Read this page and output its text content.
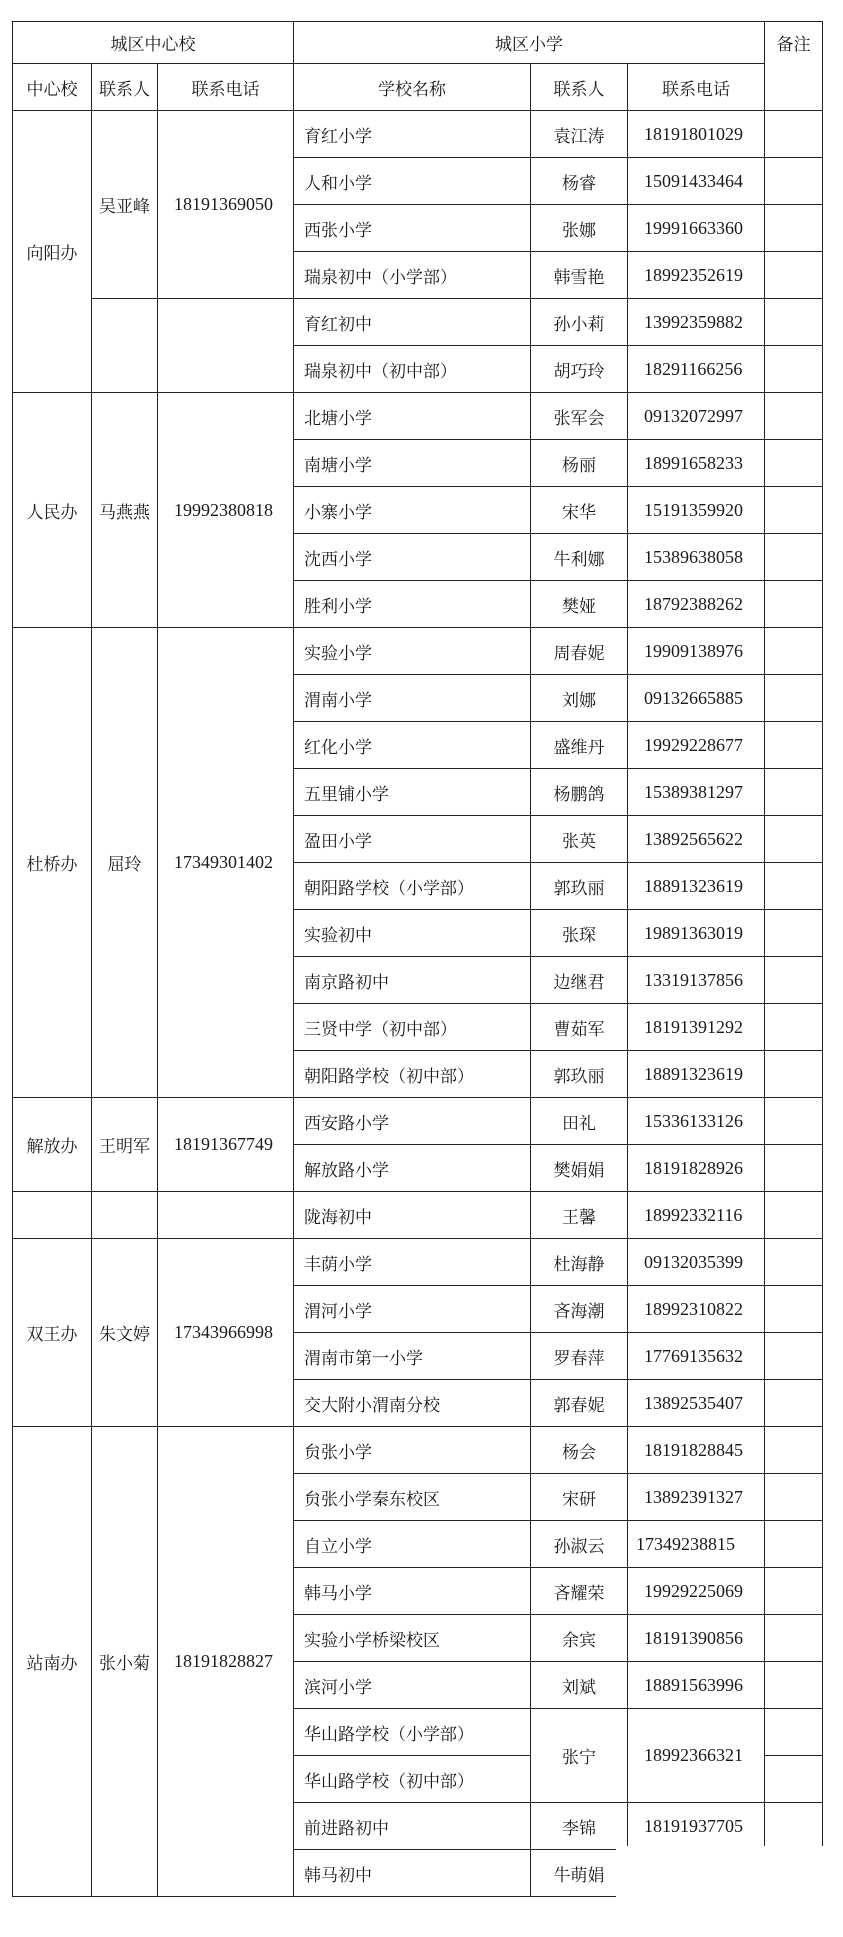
城区中心校			城区小学			备注
中心校	联系人	联系电话	学校名称	联系人	联系电话	
向阳办	吴亚峰	18191369050	育红小学	袁江涛	18191801029	
			人和小学	杨睿	15091433464	
			西张小学	张娜	19991663360	
			瑞泉初中（小学部）	韩雪艳	18992352619	
			育红初中	孙小莉	13992359882	
			瑞泉初中（初中部）	胡巧玲	18291166256	
人民办	马燕燕	19992380818	北塘小学	张军会	09132072997	
			南塘小学	杨丽	18991658233	
			小寨小学	宋华	15191359920	
			沈西小学	牛利娜	15389638058	
			胜利小学	樊娅	18792388262	
杜桥办	屈玲	17349301402	实验小学	周春妮	19909138976	
			渭南小学	刘娜	09132665885	
			红化小学	盛维丹	19929228677	
			五里铺小学	杨鹏鸽	15389381297	
			盈田小学	张英	13892565622	
			朝阳路学校（小学部）	郭玖丽	18891323619	
			实验初中	张琛	19891363019	
			南京路初中	边继君	13319137856	
			三贤中学（初中部）	曹茹军	18191391292	
			朝阳路学校（初中部）	郭玖丽	18891323619	
解放办	王明军	18191367749	西安路小学	田礼	15336133126	
			解放路小学	樊娟娟	18191828926	
			陇海初中	王馨	18992332116	
双王办	朱文婷	17343966998	丰荫小学	杜海静	09132035399	
			渭河小学	吝海潮	18992310822	
			渭南市第一小学	罗春萍	17769135632	
			交大附小渭南分校	郭春妮	13892535407	
站南办	张小菊	18191828827	贠张小学	杨会	18191828845	
			贠张小学秦东校区	宋研	13892391327	
			自立小学	孙淑云	17349238815	
			韩马小学	吝耀荣	19929225069	
			实验小学桥梁校区	余宾	18191390856	
			滨河小学	刘斌	18891563996	
			华山路学校（小学部）	张宁	18992366321	
			华山路学校（初中部）			
			前进路初中	李锦	18191937705	
			韩马初中	牛萌娟		
